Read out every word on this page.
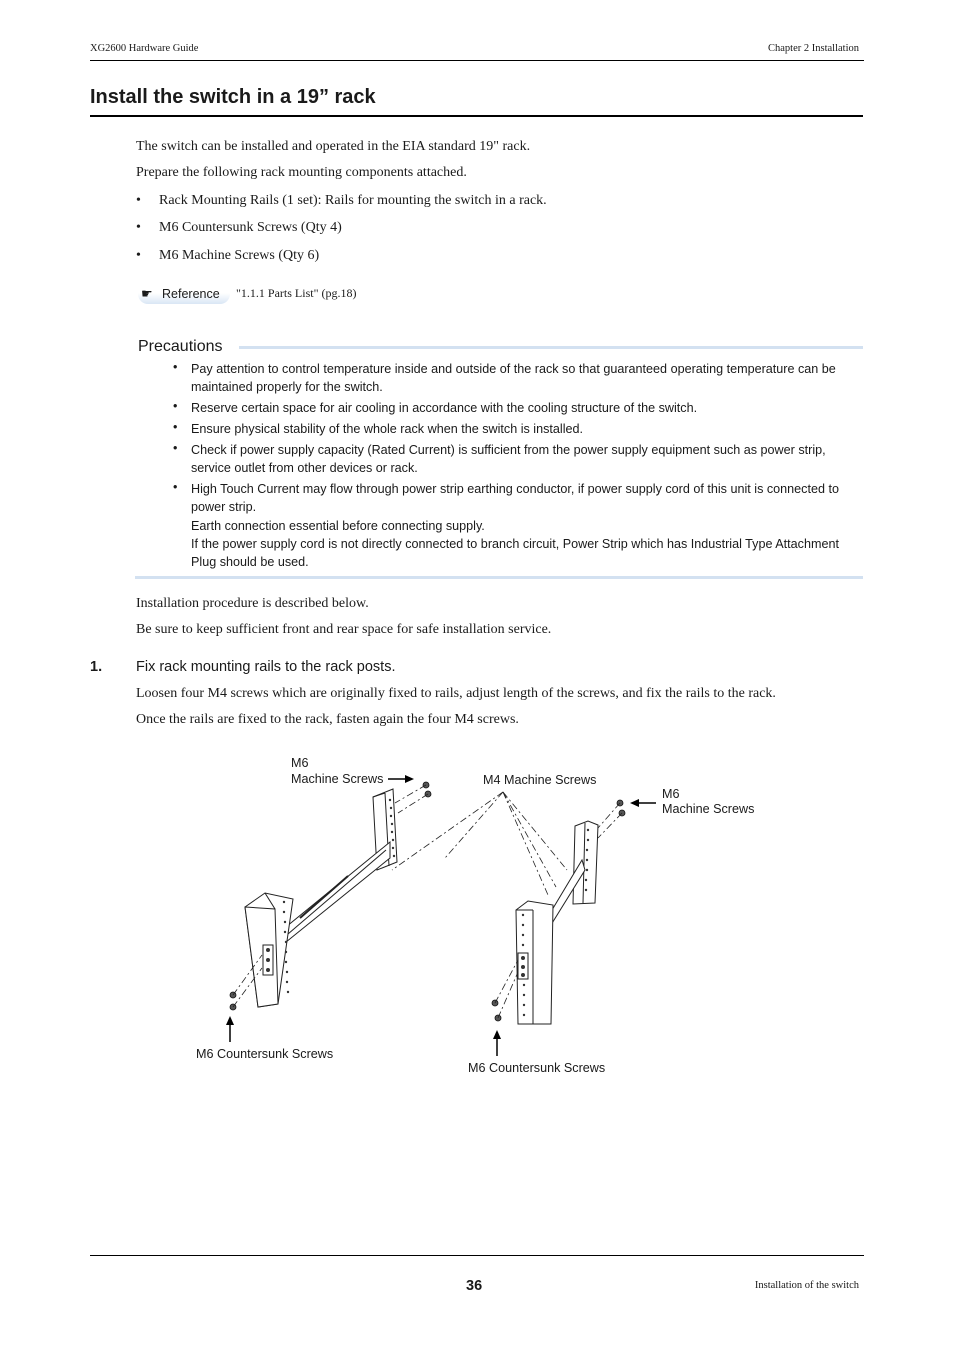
XG2600 Hardware Guide	Chapter 2 Installation
Install the switch in a 19” rack
The switch can be installed and operated in the EIA standard 19" rack.
Prepare the following rack mounting components attached.
• Rack Mounting Rails (1 set): Rails for mounting the switch in a rack.
• M6 Countersunk Screws (Qty 4)
• M6 Machine Screws (Qty 6)
☛ Reference "1.1.1 Parts List" (pg.18)
Precautions
• Pay attention to control temperature inside and outside of the rack so that guaranteed operating temperature can be maintained properly for the switch.
• Reserve certain space for air cooling in accordance with the cooling structure of the switch.
• Ensure physical stability of the whole rack when the switch is installed.
• Check if power supply capacity (Rated Current) is sufficient from the power supply equipment such as power strip, service outlet from other devices or rack.
• High Touch Current may flow through power strip earthing conductor, if power supply cord of this unit is connected to power strip.
Earth connection essential before connecting supply.
If the power supply cord is not directly connected to branch circuit, Power Strip which has Industrial Type Attachment Plug should be used.
Installation procedure is described below.
Be sure to keep sufficient front and rear space for safe installation service.
1. Fix rack mounting rails to the rack posts.
Loosen four M4 screws which are originally fixed to rails, adjust length of the screws, and fix the rails to the rack.
Once the rails are fixed to the rack, fasten again the four M4 screws.
M6
Machine Screws	M4 Machine Screws
M6
Machine Screws
M6 Countersunk Screws
M6 Countersunk Screws
36	Installation of the switch
